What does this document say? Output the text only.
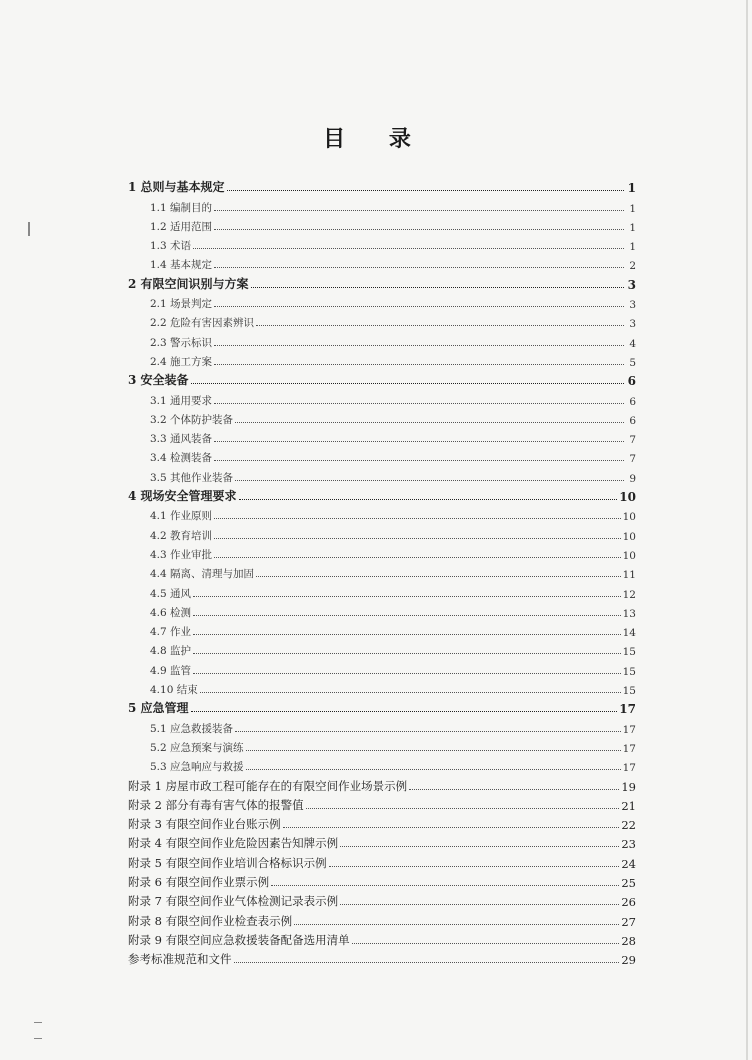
目 录
1 总则与基本规定	1
1.1 编制目的	1
1.2 适用范围	1
1.3 术语	1
1.4 基本规定	2
2 有限空间识别与方案	3
2.1 场景判定	3
2.2 危险有害因素辨识	3
2.3 警示标识	4
2.4 施工方案	5
3 安全装备	6
3.1 通用要求	6
3.2 个体防护装备	6
3.3 通风装备	7
3.4 检测装备	7
3.5 其他作业装备	9
4 现场安全管理要求	10
4.1 作业原则	10
4.2 教育培训	10
4.3 作业审批	10
4.4 隔离、清理与加固	11
4.5 通风	12
4.6 检测	13
4.7 作业	14
4.8 监护	15
4.9 监管	15
4.10 结束	15
5 应急管理	17
5.1 应急救援装备	17
5.2 应急预案与演练	17
5.3 应急响应与救援	17
附录 1 房屋市政工程可能存在的有限空间作业场景示例	19
附录 2 部分有毒有害气体的报警值	21
附录 3 有限空间作业台账示例	22
附录 4 有限空间作业危险因素告知牌示例	23
附录 5 有限空间作业培训合格标识示例	24
附录 6 有限空间作业票示例	25
附录 7 有限空间作业气体检测记录表示例	26
附录 8 有限空间作业检查表示例	27
附录 9 有限空间应急救援装备配备选用清单	28
参考标准规范和文件	29
